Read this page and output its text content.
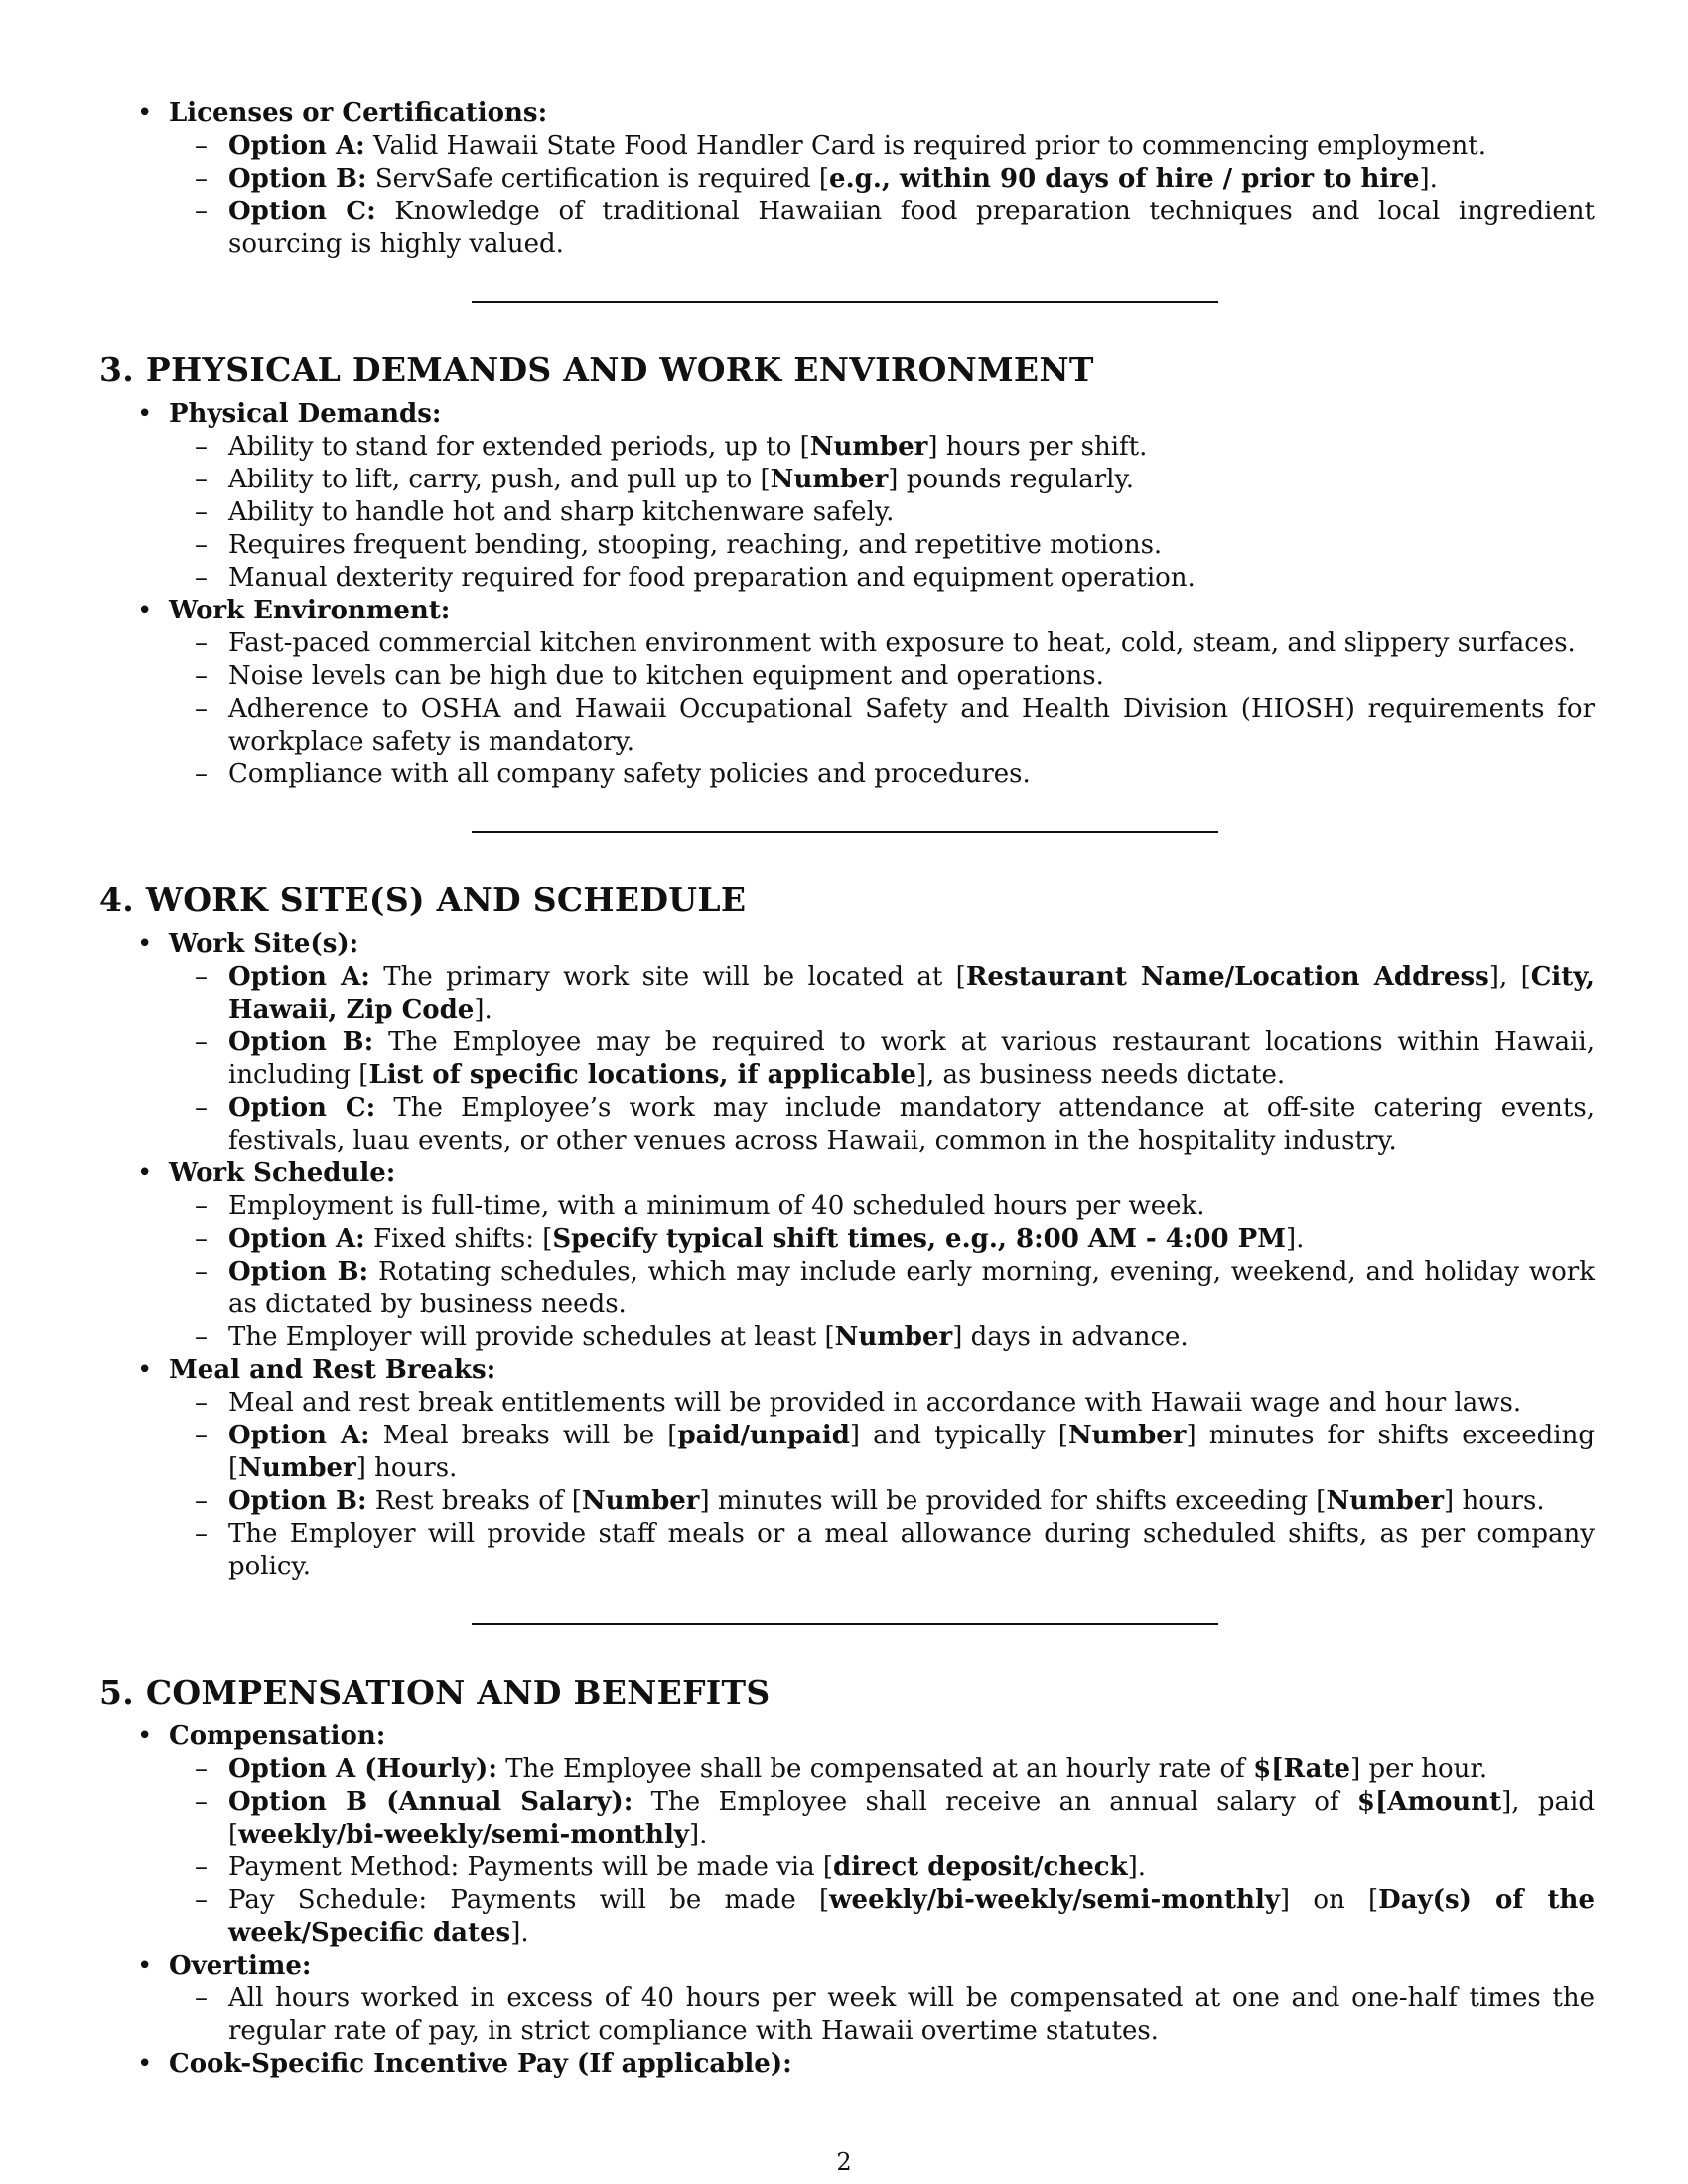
• Licenses or Certifications:
– Option A: Valid Hawaii State Food Handler Card is required prior to commencing employment.
– Option B: ServSafe certification is required [e.g., within 90 days of hire / prior to hire].
– Option C: Knowledge of traditional Hawaiian food preparation techniques and local ingredient sourcing is highly valued.
3. PHYSICAL DEMANDS AND WORK ENVIRONMENT
• Physical Demands:
– Ability to stand for extended periods, up to [Number] hours per shift.
– Ability to lift, carry, push, and pull up to [Number] pounds regularly.
– Ability to handle hot and sharp kitchenware safely.
– Requires frequent bending, stooping, reaching, and repetitive motions.
– Manual dexterity required for food preparation and equipment operation.
• Work Environment:
– Fast-paced commercial kitchen environment with exposure to heat, cold, steam, and slippery surfaces.
– Noise levels can be high due to kitchen equipment and operations.
– Adherence to OSHA and Hawaii Occupational Safety and Health Division (HIOSH) requirements for workplace safety is mandatory.
– Compliance with all company safety policies and procedures.
4. WORK SITE(S) AND SCHEDULE
• Work Site(s):
– Option A: The primary work site will be located at [Restaurant Name/Location Address], [City, Hawaii, Zip Code].
– Option B: The Employee may be required to work at various restaurant locations within Hawaii, including [List of specific locations, if applicable], as business needs dictate.
– Option C: The Employee’s work may include mandatory attendance at off-site catering events, festivals, luau events, or other venues across Hawaii, common in the hospitality industry.
• Work Schedule:
– Employment is full-time, with a minimum of 40 scheduled hours per week.
– Option A: Fixed shifts: [Specify typical shift times, e.g., 8:00 AM - 4:00 PM].
– Option B: Rotating schedules, which may include early morning, evening, weekend, and holiday work as dictated by business needs.
– The Employer will provide schedules at least [Number] days in advance.
• Meal and Rest Breaks:
– Meal and rest break entitlements will be provided in accordance with Hawaii wage and hour laws.
– Option A: Meal breaks will be [paid/unpaid] and typically [Number] minutes for shifts exceeding [Number] hours.
– Option B: Rest breaks of [Number] minutes will be provided for shifts exceeding [Number] hours.
– The Employer will provide staff meals or a meal allowance during scheduled shifts, as per company policy.
5. COMPENSATION AND BENEFITS
• Compensation:
– Option A (Hourly): The Employee shall be compensated at an hourly rate of $[Rate] per hour.
– Option B (Annual Salary): The Employee shall receive an annual salary of $[Amount], paid [weekly/bi-weekly/semi-monthly].
– Payment Method: Payments will be made via [direct deposit/check].
– Pay Schedule: Payments will be made [weekly/bi-weekly/semi-monthly] on [Day(s) of the week/Specific dates].
• Overtime:
– All hours worked in excess of 40 hours per week will be compensated at one and one-half times the regular rate of pay, in strict compliance with Hawaii overtime statutes.
• Cook-Specific Incentive Pay (If applicable):
2
